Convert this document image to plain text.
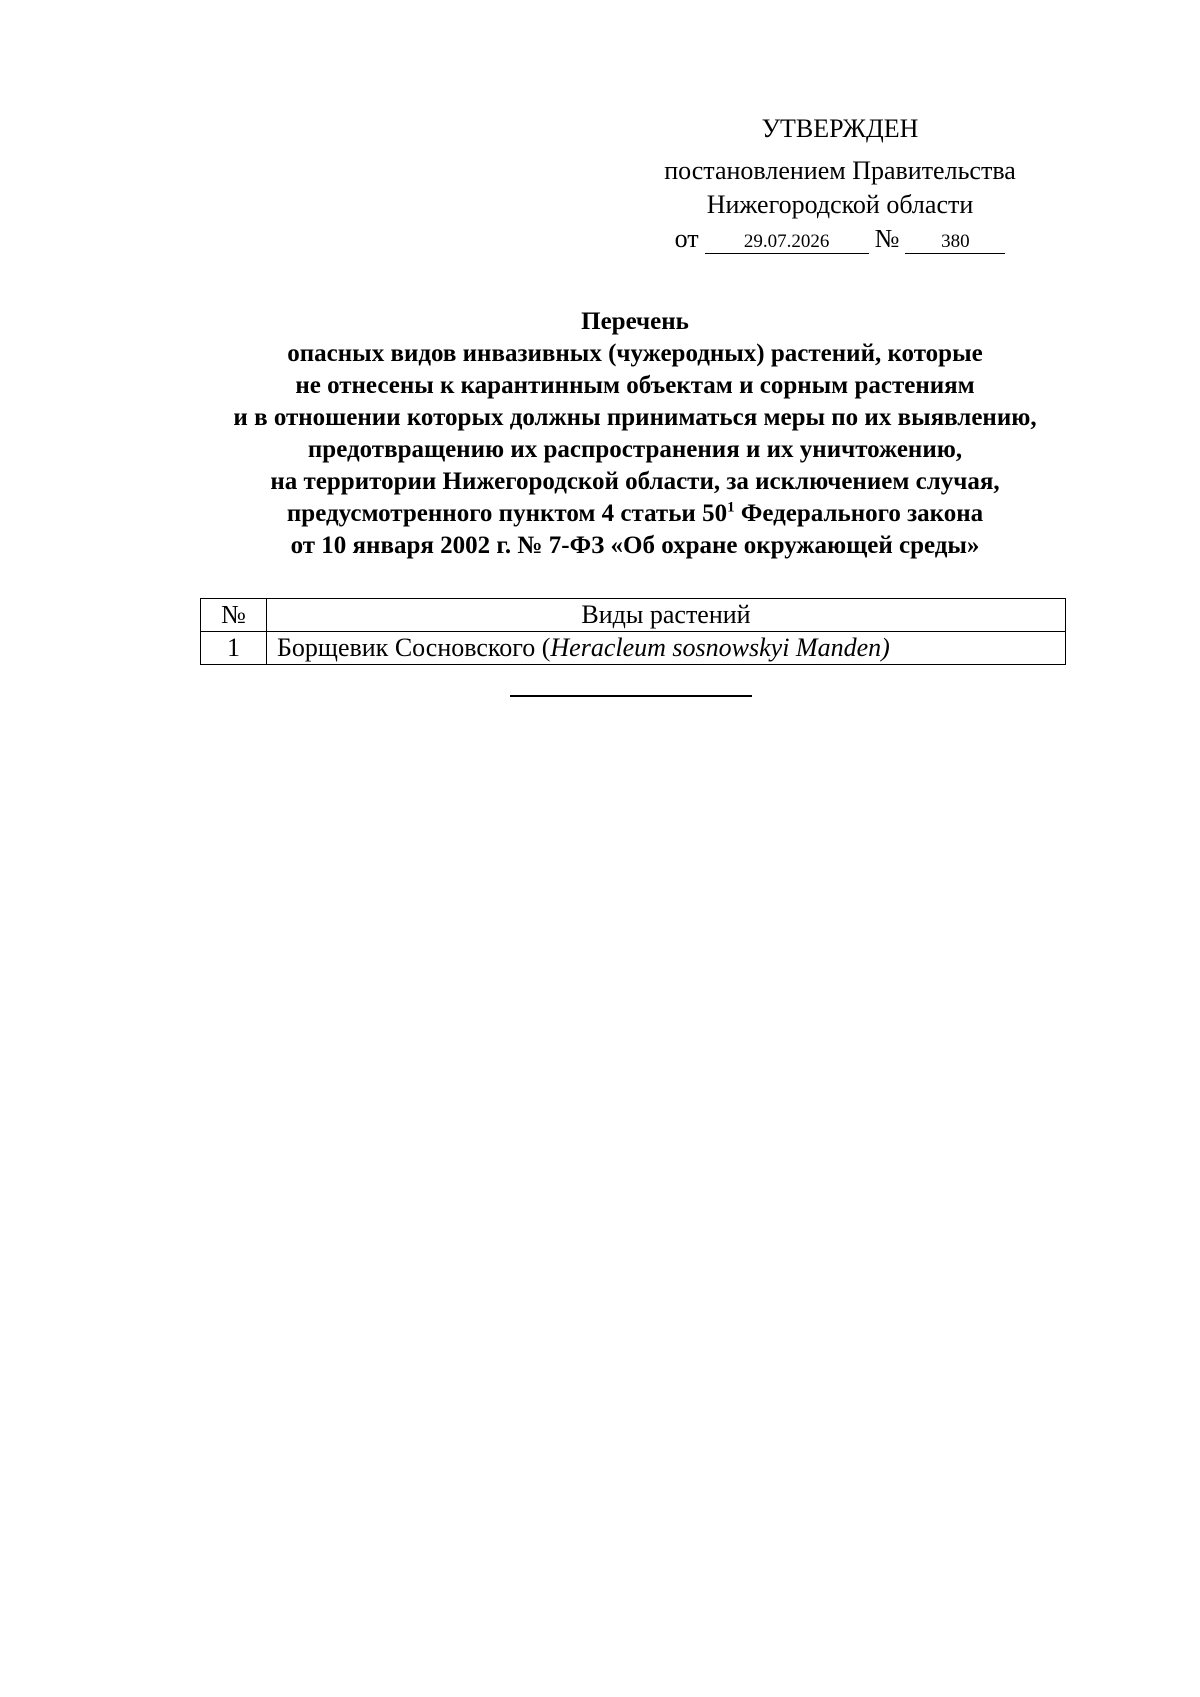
УТВЕРЖДЕН
постановлением Правительства
Нижегородской области
от	29.07.2026	№	380
Перечень
опасных видов инвазивных (чужеродных) растений, которые
не отнесены к карантинным объектам и сорным растениям
и в отношении которых должны приниматься меры по их выявлению,
предотвращению их распространения и их уничтожению,
на территории Нижегородской области, за исключением случая,
предусмотренного пунктом 4 статьи $50^1$ Федерального закона
от 10 января 2002 г. № 7-ФЗ «Об охране окружающей среды»
№	Виды растений
1	Борщевик Сосновского (Heracleum sosnowskyi Manden)
